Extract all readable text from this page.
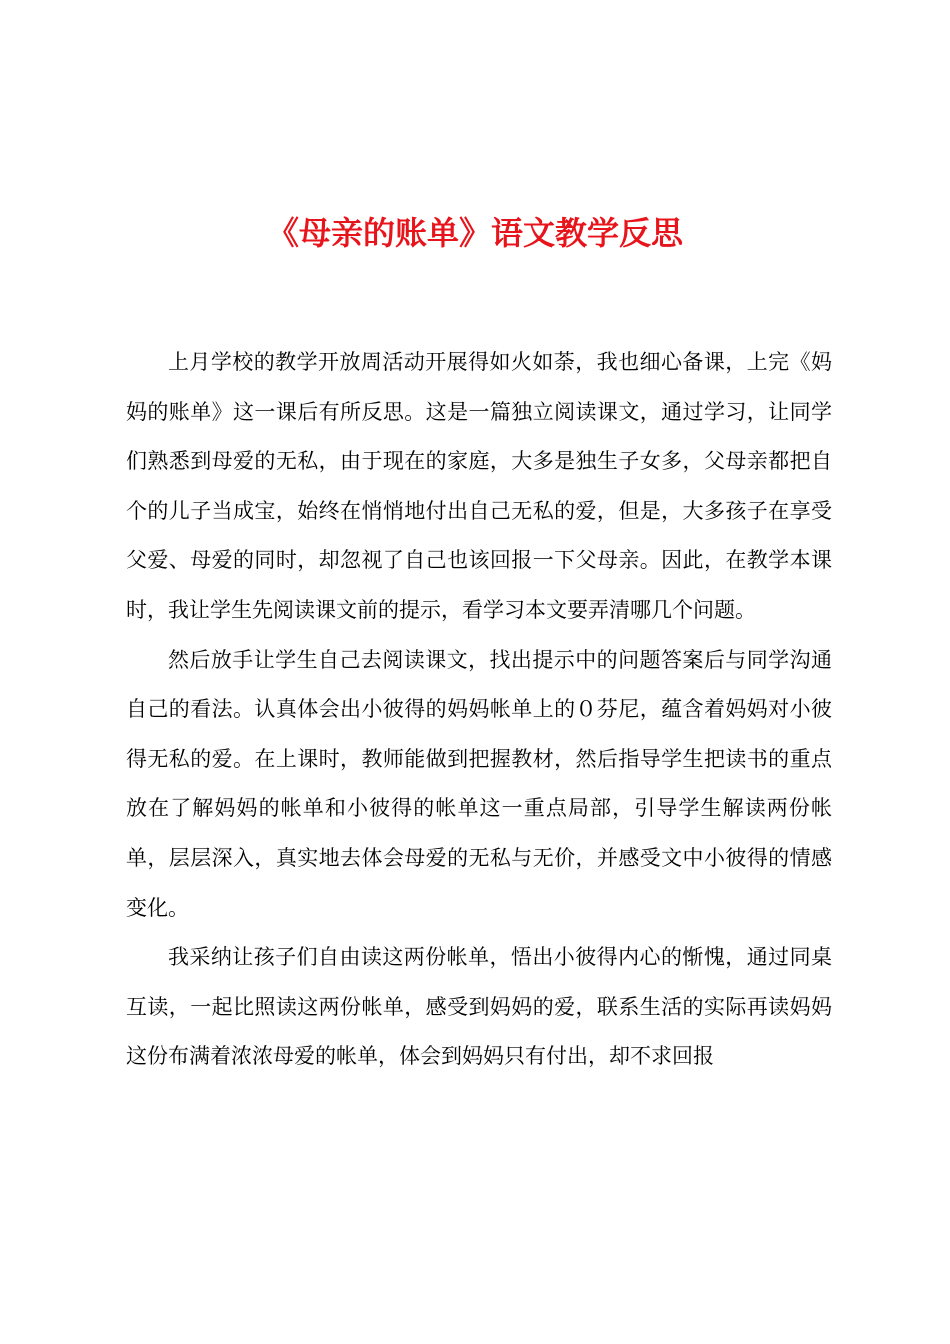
《母亲的账单》语文教学反思

上月学校的教学开放周活动开展得如火如荼，我也细心备课，上完《妈妈的账单》这一课后有所反思。这是一篇独立阅读课文，通过学习，让同学们熟悉到母爱的无私，由于现在的家庭，大多是独生子女多，父母亲都把自个的儿子当成宝，始终在悄悄地付出自己无私的爱，但是，大多孩子在享受父爱、母爱的同时，却忽视了自己也该回报一下父母亲。因此，在教学本课时，我让学生先阅读课文前的提示，看学习本文要弄清哪几个问题。

然后放手让学生自己去阅读课文，找出提示中的问题答案后与同学沟通自己的看法。认真体会出小彼得的妈妈帐单上的０芬尼，蕴含着妈妈对小彼得无私的爱。在上课时，教师能做到把握教材，然后指导学生把读书的重点放在了解妈妈的帐单和小彼得的帐单这一重点局部，引导学生解读两份帐单，层层深入，真实地去体会母爱的无私与无价，并感受文中小彼得的情感变化。

我采纳让孩子们自由读这两份帐单，悟出小彼得内心的惭愧，通过同桌互读，一起比照读这两份帐单，感受到妈妈的爱，联系生活的实际再读妈妈这份布满着浓浓母爱的帐单，体会到妈妈只有付出，却不求回报
